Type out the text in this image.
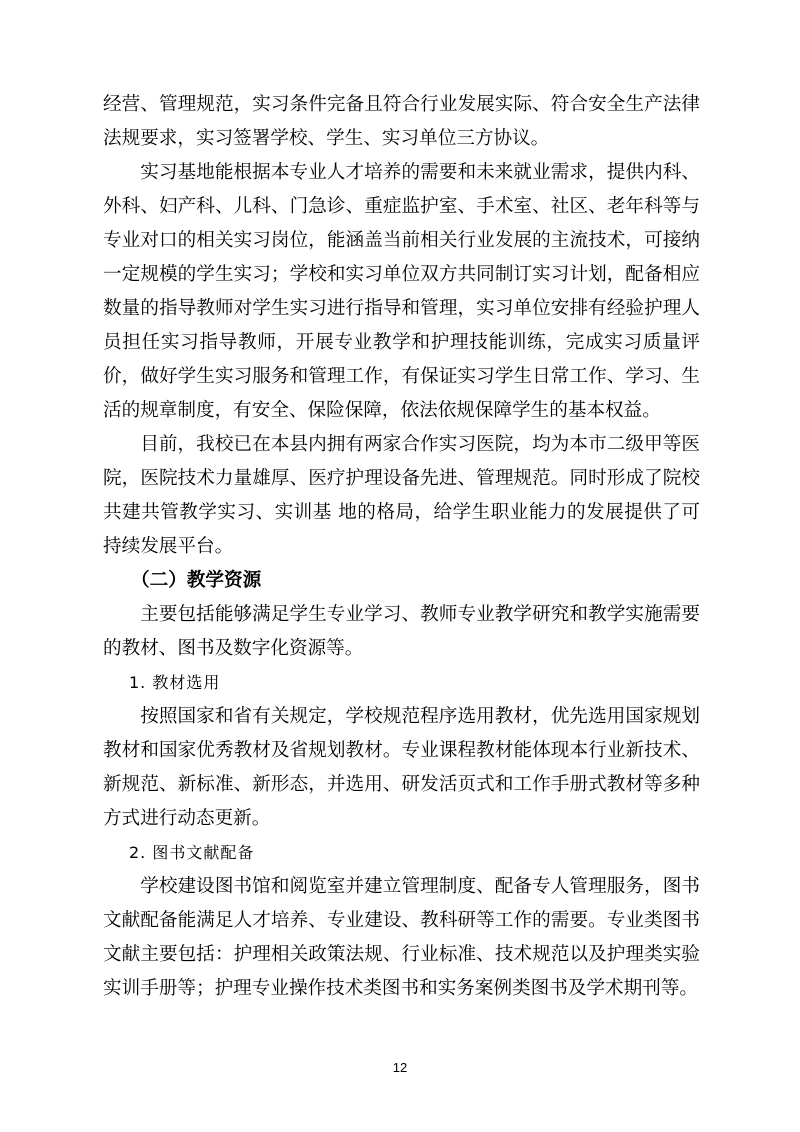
经营、管理规范，实习条件完备且符合行业发展实际、符合安全生产法律法规要求，实习签署学校、学生、实习单位三方协议。

实习基地能根据本专业人才培养的需要和未来就业需求，提供内科、外科、妇产科、儿科、门急诊、重症监护室、手术室、社区、老年科等与专业对口的相关实习岗位，能涵盖当前相关行业发展的主流技术，可接纳一定规模的学生实习；学校和实习单位双方共同制订实习计划，配备相应数量的指导教师对学生实习进行指导和管理，实习单位安排有经验护理人员担任实习指导教师，开展专业教学和护理技能训练，完成实习质量评价，做好学生实习服务和管理工作，有保证实习学生日常工作、学习、生活的规章制度，有安全、保险保障，依法依规保障学生的基本权益。

目前，我校已在本县内拥有两家合作实习医院，均为本市二级甲等医院，医院技术力量雄厚、医疗护理设备先进、管理规范。同时形成了院校共建共管教学实习、实训基 地的格局，给学生职业能力的发展提供了可持续发展平台。

（二）教学资源

主要包括能够满足学生专业学习、教师专业教学研究和教学实施需要的教材、图书及数字化资源等。

1. 教材选用

按照国家和省有关规定，学校规范程序选用教材，优先选用国家规划教材和国家优秀教材及省规划教材。专业课程教材能体现本行业新技术、新规范、新标准、新形态，并选用、研发活页式和工作手册式教材等多种方式进行动态更新。

2. 图书文献配备

学校建设图书馆和阅览室并建立管理制度、配备专人管理服务，图书文献配备能满足人才培养、专业建设、教科研等工作的需要。专业类图书文献主要包括：护理相关政策法规、行业标准、技术规范以及护理类实验实训手册等；护理专业操作技术类图书和实务案例类图书及学术期刊等。

12
